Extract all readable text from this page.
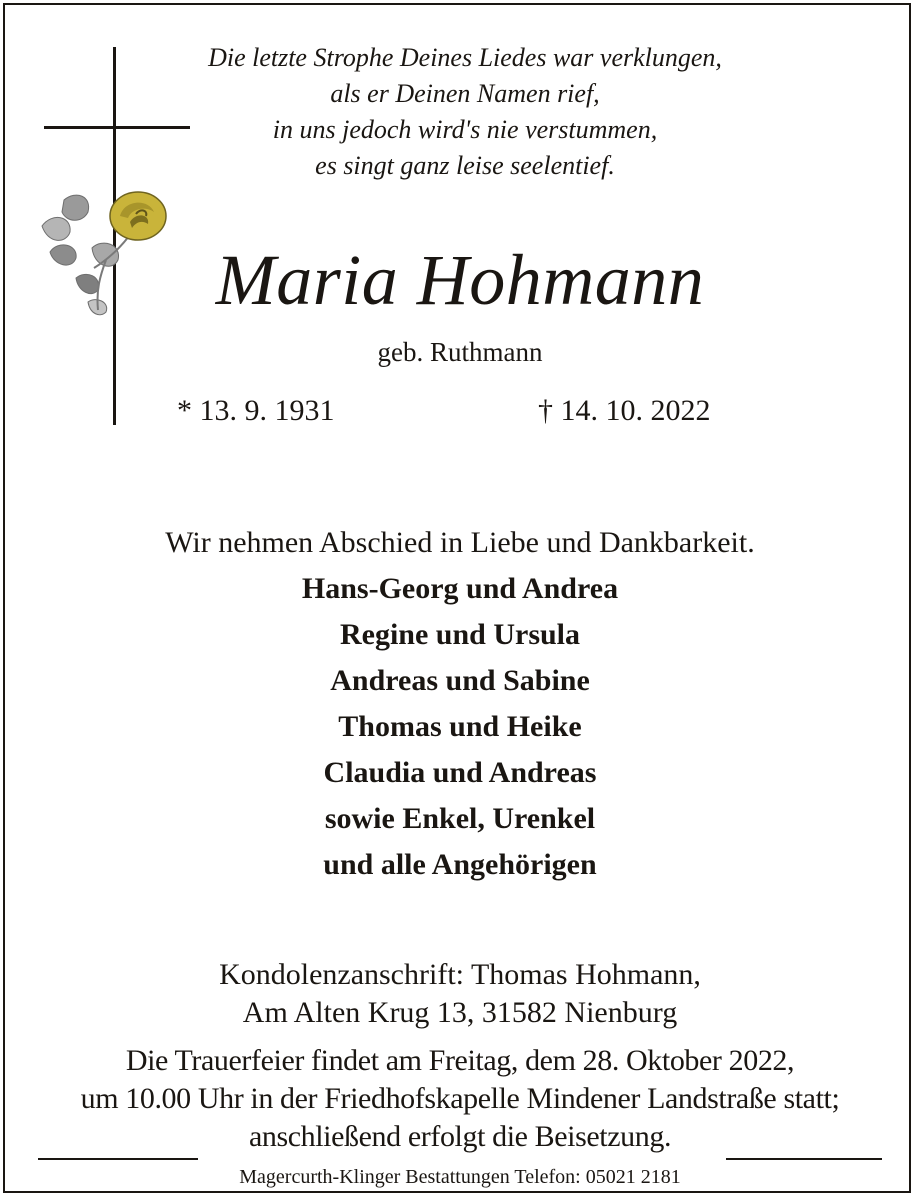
Die letzte Strophe Deines Liedes war verklungen,
als er Deinen Namen rief,
in uns jedoch wird's nie verstummen,
es singt ganz leise seelentief.
Maria Hohmann
geb. Ruthmann
* 13. 9. 1931	† 14. 10. 2022
Wir nehmen Abschied in Liebe und Dankbarkeit.
Hans-Georg und Andrea
Regine und Ursula
Andreas und Sabine
Thomas und Heike
Claudia und Andreas
sowie Enkel, Urenkel
und alle Angehörigen
Kondolenzanschrift: Thomas Hohmann,
Am Alten Krug 13, 31582 Nienburg
Die Trauerfeier findet am Freitag, dem 28. Oktober 2022,
um 10.00 Uhr in der Friedhofskapelle Mindener Landstraße statt;
anschließend erfolgt die Beisetzung.
Magercurth-Klinger Bestattungen Telefon: 05021 2181
